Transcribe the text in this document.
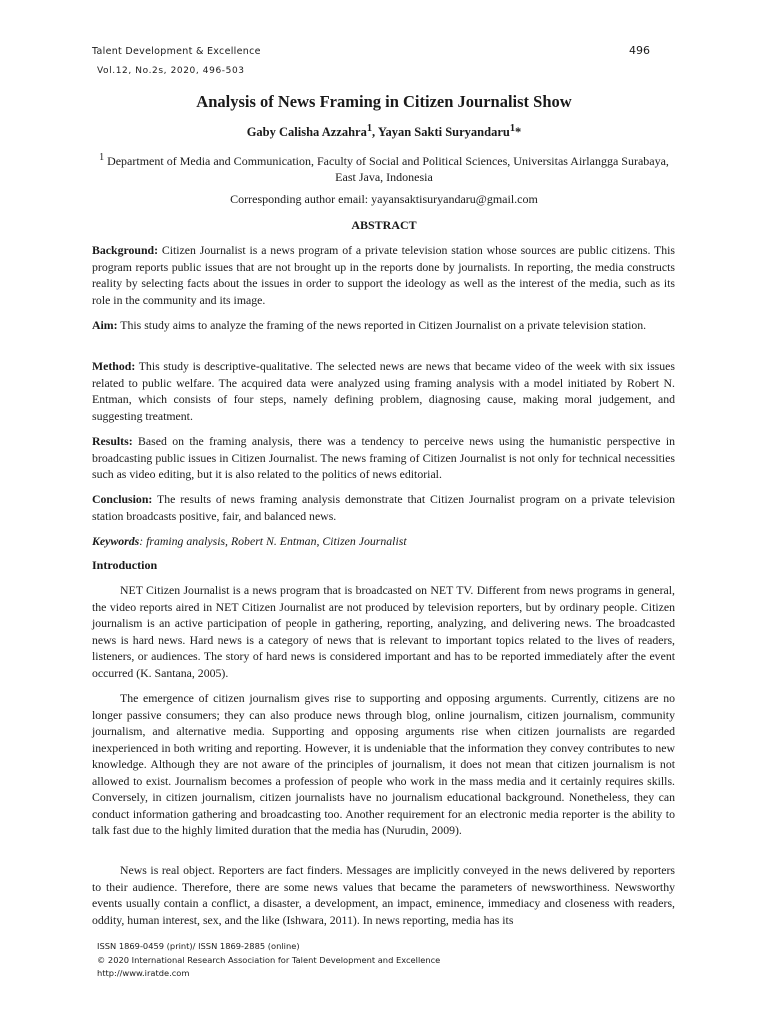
Talent Development & Excellence	496
Vol.12, No.2s, 2020, 496-503
Analysis of News Framing in Citizen Journalist Show
Gaby Calisha Azzahra$^1$, Yayan Sakti Suryandaru$^1$*
$^1$ Department of Media and Communication, Faculty of Social and Political Sciences, Universitas Airlangga Surabaya, East Java, Indonesia
Corresponding author email: yayansaktisuryandaru@gmail.com
ABSTRACT

Background: Citizen Journalist is a news program of a private television station whose sources are public citizens. This program reports public issues that are not brought up in the reports done by journalists. In reporting, the media constructs reality by selecting facts about the issues in order to support the ideology as well as the interest of the media, such as its role in the community and its image.

Aim: This study aims to analyze the framing of the news reported in Citizen Journalist on a private television station.

Method: This study is descriptive-qualitative. The selected news are news that became video of the week with six issues related to public welfare. The acquired data were analyzed using framing analysis with a model initiated by Robert N. Entman, which consists of four steps, namely defining problem, diagnosing cause, making moral judgement, and suggesting treatment.

Results: Based on the framing analysis, there was a tendency to perceive news using the humanistic perspective in broadcasting public issues in Citizen Journalist. The news framing of Citizen Journalist is not only for technical necessities such as video editing, but it is also related to the politics of news editorial.

Conclusion: The results of news framing analysis demonstrate that Citizen Journalist program on a private television station broadcasts positive, fair, and balanced news.

Keywords: framing analysis, Robert N. Entman, Citizen Journalist

Introduction

NET Citizen Journalist is a news program that is broadcasted on NET TV. Different from news programs in general, the video reports aired in NET Citizen Journalist are not produced by television reporters, but by ordinary people. Citizen journalism is an active participation of people in gathering, reporting, analyzing, and delivering news. The broadcasted news is hard news. Hard news is a category of news that is relevant to important topics related to the lives of readers, listeners, or audiences. The story of hard news is considered important and has to be reported immediately after the event occurred (K. Santana, 2005).

The emergence of citizen journalism gives rise to supporting and opposing arguments. Currently, citizens are no longer passive consumers; they can also produce news through blog, online journalism, citizen journalism, community journalism, and alternative media. Supporting and opposing arguments rise when citizen journalists are regarded inexperienced in both writing and reporting. However, it is undeniable that the information they convey contributes to new knowledge. Although they are not aware of the principles of journalism, it does not mean that citizen journalism is not allowed to exist. Journalism becomes a profession of people who work in the mass media and it certainly requires skills. Conversely, in citizen journalism, citizen journalists have no journalism educational background. Nonetheless, they can conduct information gathering and broadcasting too. Another requirement for an electronic media reporter is the ability to talk fast due to the highly limited duration that the media has (Nurudin, 2009).

News is real object. Reporters are fact finders. Messages are implicitly conveyed in the news delivered by reporters to their audience. Therefore, there are some news values that became the parameters of newsworthiness. Newsworthy events usually contain a conflict, a disaster, a development, an impact, eminence, immediacy and closeness with readers, oddity, human interest, sex, and the like (Ishwara, 2011). In news reporting, media has its

ISSN 1869-0459 (print)/ ISSN 1869-2885 (online)
© 2020 International Research Association for Talent Development and Excellence
http://www.iratde.com
